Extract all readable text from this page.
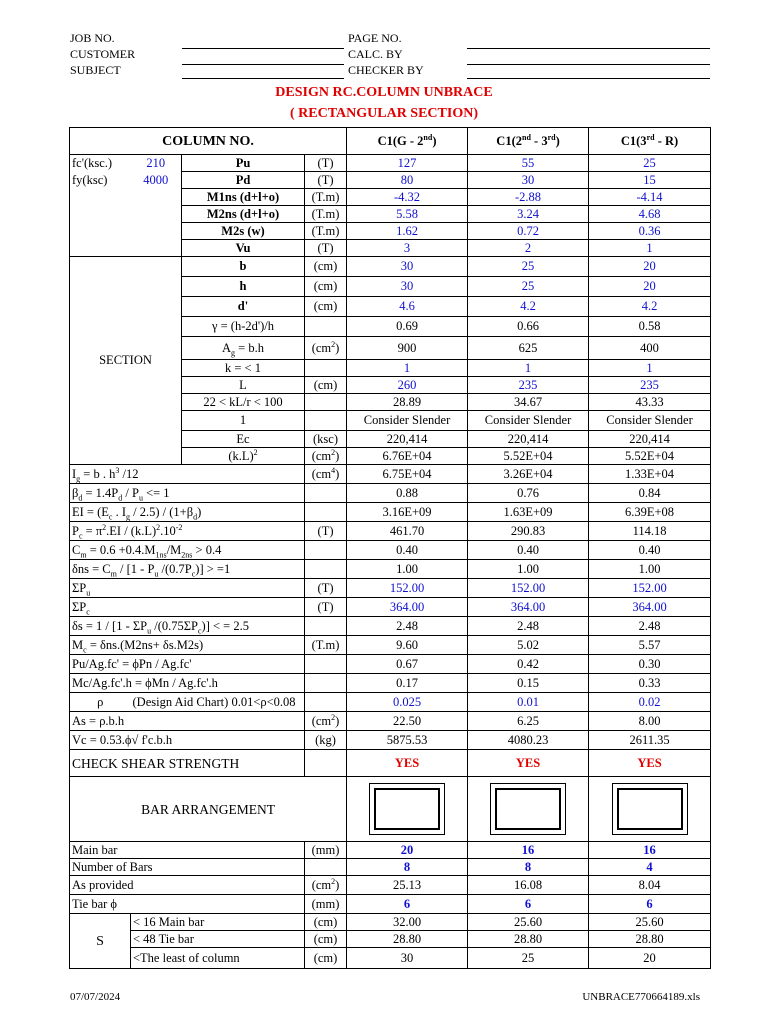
JOB NO.
CUSTOMER
SUBJECT
PAGE NO.
CALC. BY
CHECKER BY
DESIGN RC.COLUMN UNBRACE
( RECTANGULAR SECTION)
COLUMN NO.				C1(G - 2nd)	C1(2nd - 3rd)	C1(3rd - R)
fc'(ksc.)	210	Pu	(T)	127	55	25
fy(ksc)	4000	Pd	(T)	80	30	15
		M1ns (d+l+o)	(T.m)	-4.32	-2.88	-4.14
		M2ns (d+l+o)	(T.m)	5.58	3.24	4.68
		M2s (w)	(T.m)	1.62	0.72	0.36
		Vu	(T)	3	2	1
SECTION		b	(cm)	30	25	20
		h	(cm)	30	25	20
		d'	(cm)	4.6	4.2	4.2
		γ = (h-2d')/h		0.69	0.66	0.58
		$A_g = b.h$	$(cm^2)$	900	625	400
		k = < 1		1	1	1
		L	(cm)	260	235	235
		22 < kL/r < 100		28.89	34.67	43.33
		1		Consider Slender	Consider Slender	Consider Slender
		Ec	(ksc)	220,414	220,414	220,414
		$(k.L)^2$	$(cm^2)$	6.76E+04	5.52E+04	5.52E+04
$I_g = b$ . $h^3$ /12			$(cm^4)$	6.75E+04	3.26E+04	1.33E+04
$\beta_d = 1.4P_d / P_u <= 1$				0.88	0.76	0.84
EI = ($E_c$ . $I_g / 2.5) / (1+\beta_d)$				3.16E+09	1.63E+09	6.39E+08
$P_c = \pi^2.EI / (k.L)^2.10^{-2}$			(T)	461.70	290.83	114.18
$C_m = 0.6 +0.4.M_{1ns}/M_{2ns} > 0.4$				0.40	0.40	0.40
$\delta ns = C_m / [1 - P_u$ $/(0.7P_c)] > =1$				1.00	1.00	1.00
$\Sigma P_u$			(T)	152.00	152.00	152.00
$\Sigma P_c$			(T)	364.00	364.00	364.00
$\delta s = 1 / [1 - \Sigma P_u$ $/(0.75\Sigma P_c)$] < = 2.5				2.48	2.48	2.48
$M_c = \delta ns.(M2ns+ \delta s.M2s)$			(T.m)	9.60	5.02	5.57
Pu/Ag.fc' = ϕPn / Ag.fc'				0.67	0.42	0.30
Mc/Ag.fc'.h = ϕMn / Ag.fc'.h				0.17	0.15	0.33
ρ	(Design Aid Chart) 0.01<ρ<0.08			0.025	0.01	0.02
As = ρ.b.h			$(cm^2)$	22.50	6.25	8.00
Vc = 0.53.ϕ√ f'c.b.h			(kg)	5875.53	4080.23	2611.35
CHECK SHEAR STRENGTH				YES	YES	YES
BAR ARRANGEMENT				

Main bar			(mm)	20	16	16
Number of Bars				8	8	4
As provided			$(cm^2)$	25.13	16.08	8.04
Tie bar ϕ			(mm)	6	6	6
S	< 16 Main bar		(cm)	32.00	25.60	25.60
	< 48 Tie bar		(cm)	28.80	28.80	28.80
	<The least of column		(cm)	30	25	20
07/07/2024	UNBRACE770664189.xls
